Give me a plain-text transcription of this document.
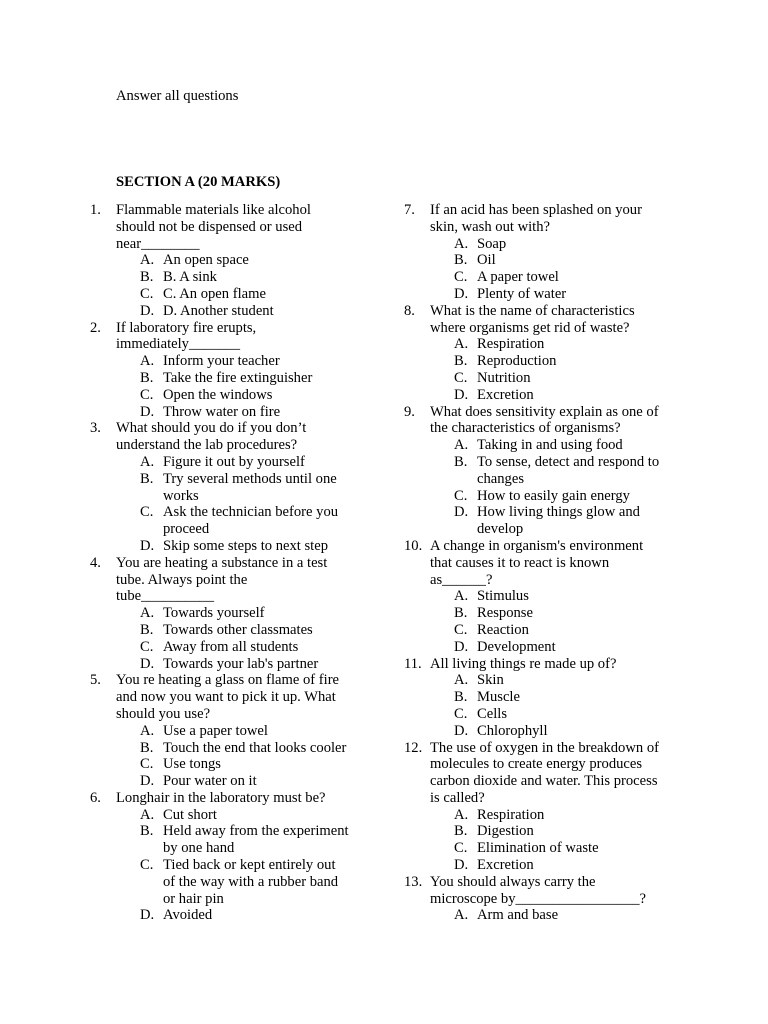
Answer all questions
SECTION A (20 MARKS)
1. Flammable materials like alcohol
should not be dispensed or used
near________
A. An open space
B. B. A sink
C. C. An open flame
D. D. Another student
2. If laboratory fire erupts,
immediately_______
A. Inform your teacher
B. Take the fire extinguisher
C. Open the windows
D. Throw water on fire
3. What should you do if you don’t
understand the lab procedures?
A. Figure it out by yourself
B. Try several methods until one
works
C. Ask the technician before you
proceed
D. Skip some steps to next step
4. You are heating a substance in a test
tube. Always point the
tube__________
A. Towards yourself
B. Towards other classmates
C. Away from all students
D. Towards your lab's partner
5. You re heating a glass on flame of fire
and now you want to pick it up. What
should you use?
A. Use a paper towel
B. Touch the end that looks cooler
C. Use tongs
D. Pour water on it
6. Longhair in the laboratory must be?
A. Cut short
B. Held away from the experiment
by one hand
C. Tied back or kept entirely out
of the way with a rubber band
or hair pin
D. Avoided
7. If an acid has been splashed on your
skin, wash out with?
A. Soap
B. Oil
C. A paper towel
D. Plenty of water
8. What is the name of characteristics
where organisms get rid of waste?
A. Respiration
B. Reproduction
C. Nutrition
D. Excretion
9. What does sensitivity explain as one of
the characteristics of organisms?
A. Taking in and using food
B. To sense, detect and respond to
changes
C. How to easily gain energy
D. How living things glow and
develop
10. A change in organism's environment
that causes it to react is known
as______?
A. Stimulus
B. Response
C. Reaction
D. Development
11. All living things re made up of?
A. Skin
B. Muscle
C. Cells
D. Chlorophyll
12. The use of oxygen in the breakdown of
molecules to create energy produces
carbon dioxide and water. This process
is called?
A. Respiration
B. Digestion
C. Elimination of waste
D. Excretion
13. You should always carry the
microscope by_________________?
A. Arm and base
